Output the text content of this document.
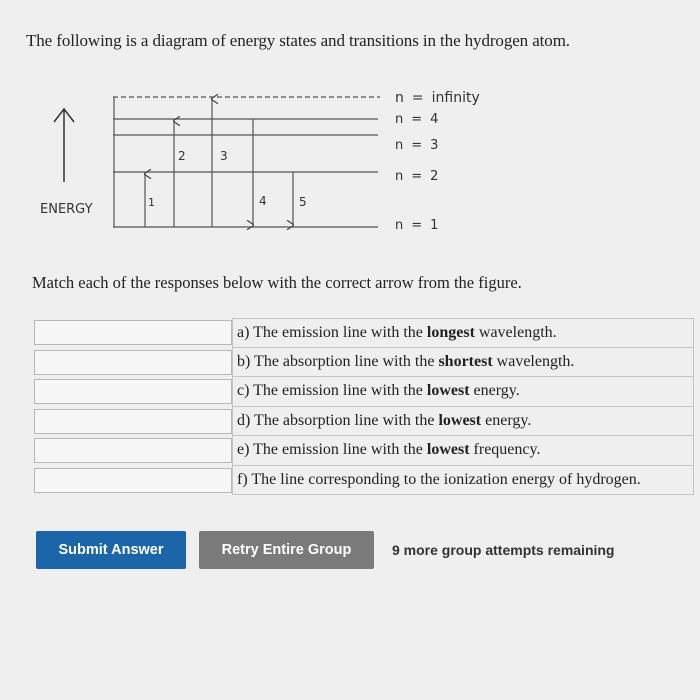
The following is a diagram of energy states and transitions in the hydrogen atom.
ENERGY	1
2	3
4	5
n = infinity
n = 4
n = 3
n = 2
n = 1
Match each of the responses below with the correct arrow from the figure.
a) The emission line with the longest wavelength.
b) The absorption line with the shortest wavelength.
c) The emission line with the lowest energy.
d) The absorption line with the lowest energy.
e) The emission line with the lowest frequency.
f) The line corresponding to the ionization energy of hydrogen.
Submit Answer	Retry Entire Group	9 more group attempts remaining
